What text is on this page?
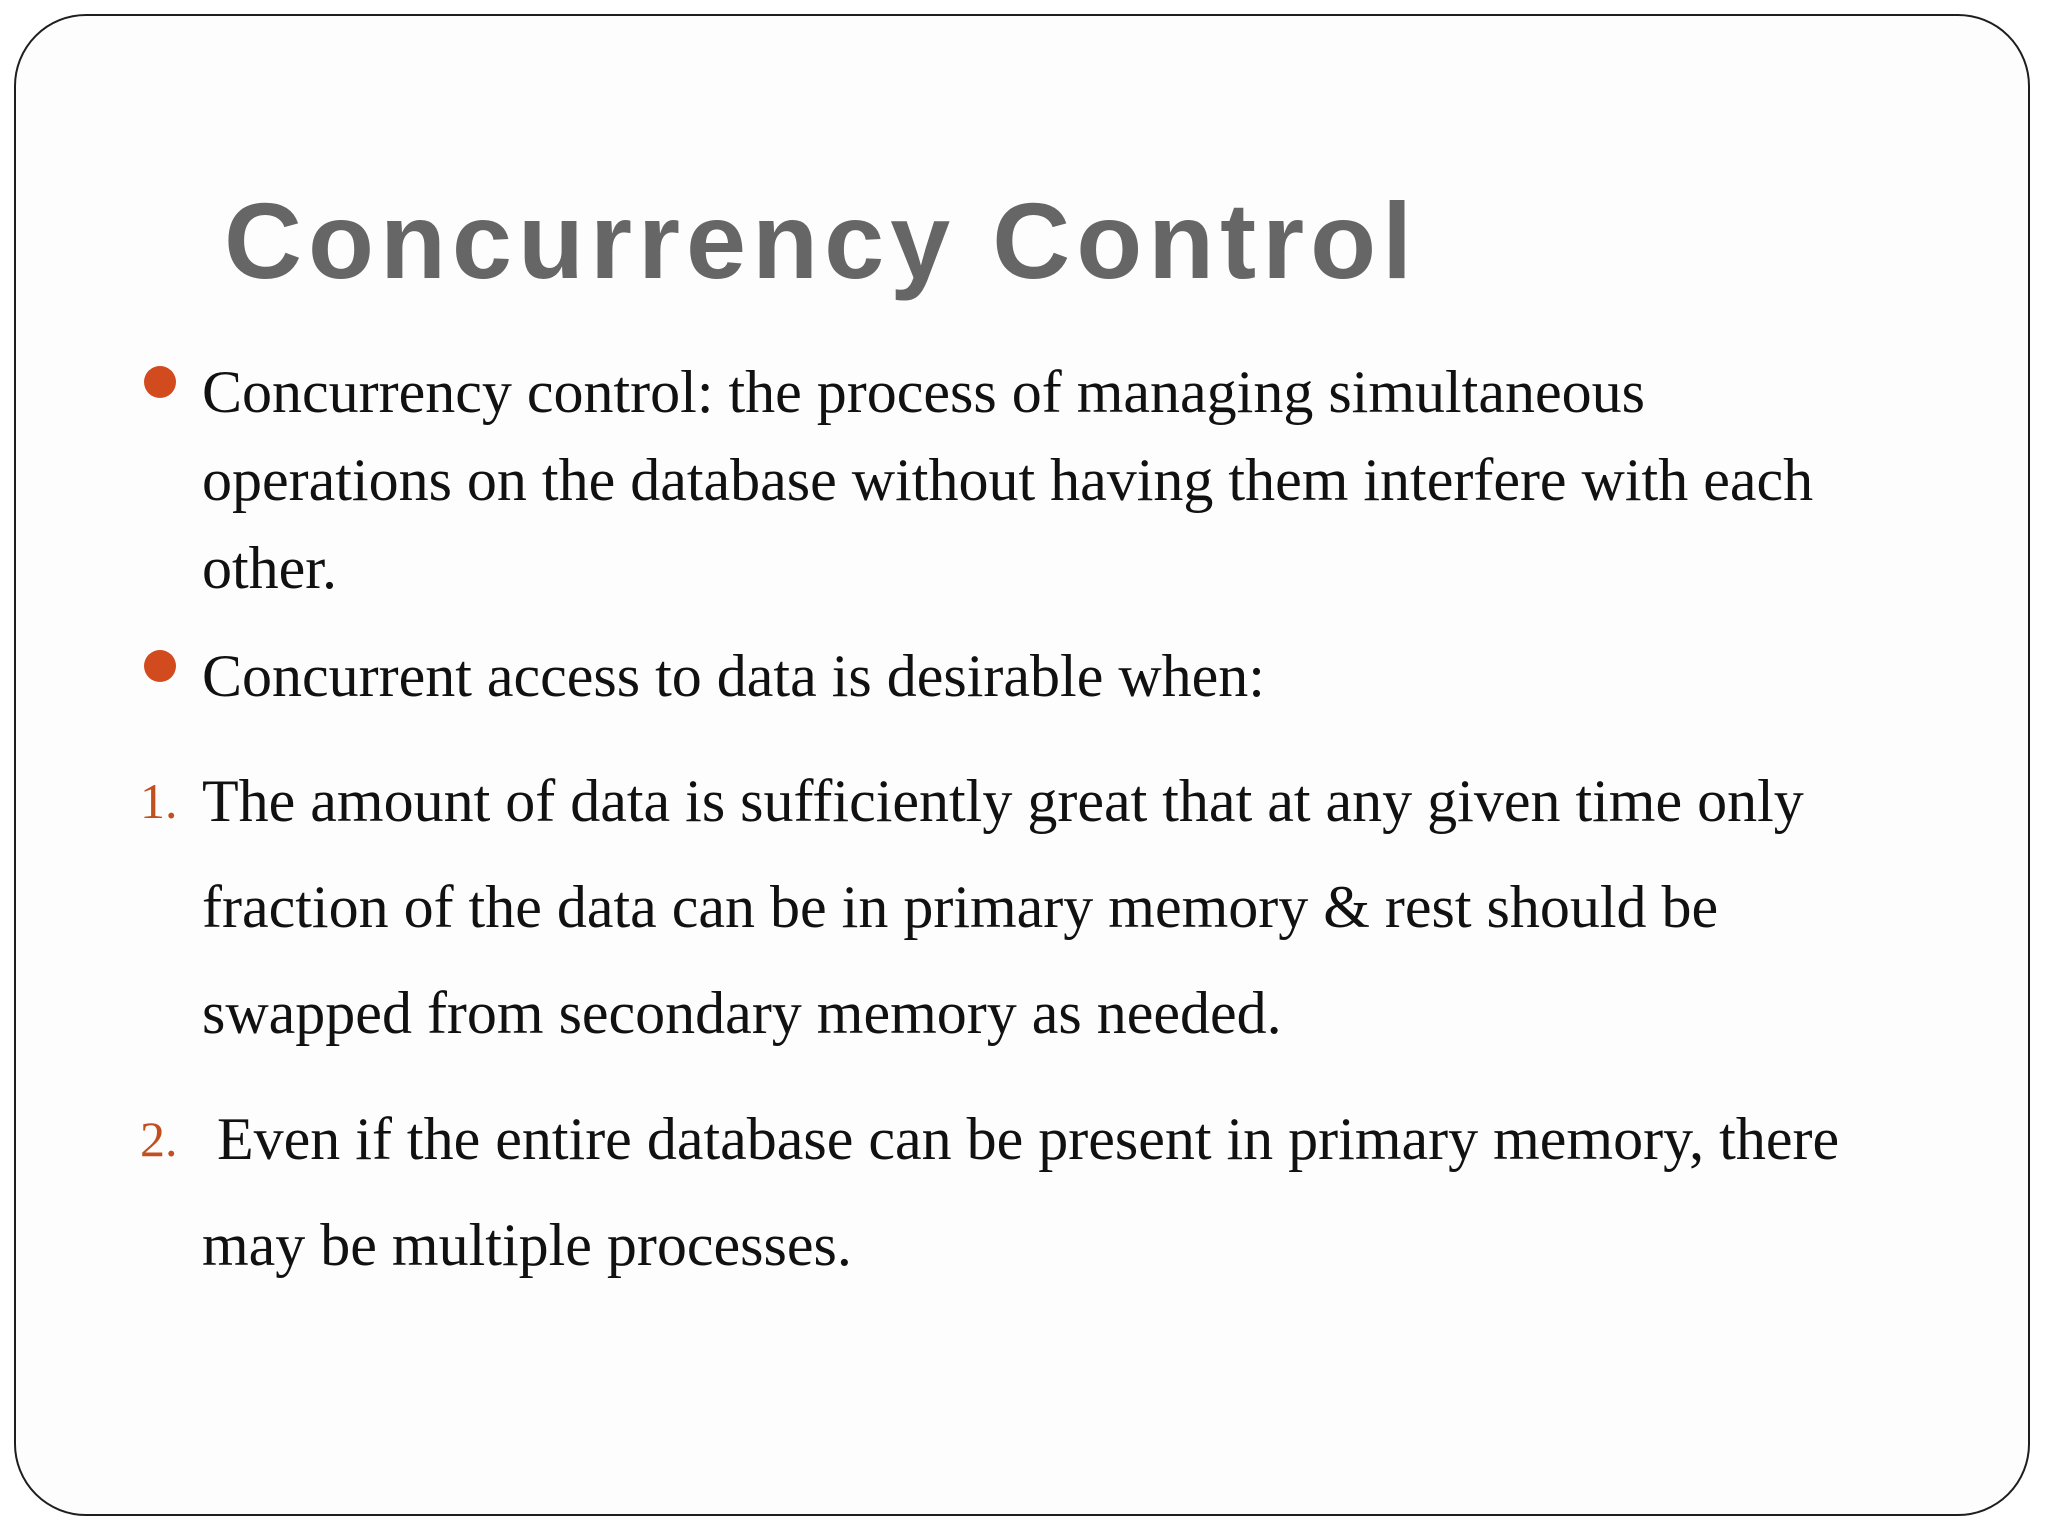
Concurrency Control

Concurrency control: the process of managing simultaneous operations on the database without having them interfere with each other.

Concurrent access to data is desirable when:

1. The amount of data is sufficiently great that at any given time only fraction of the data can be in primary memory & rest should be swapped from secondary memory as needed.

2. Even if the entire database can be present in primary memory, there may be multiple processes.
